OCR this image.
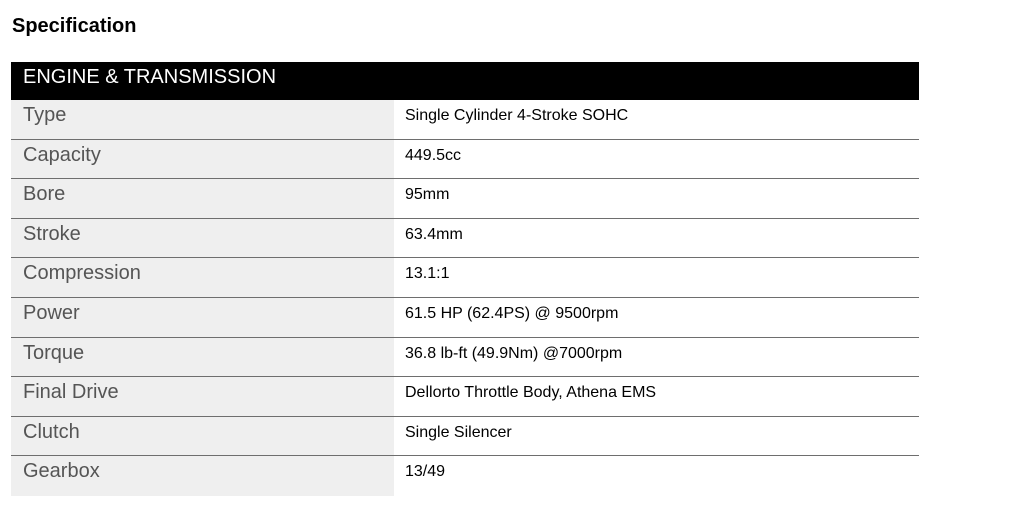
Specification
ENGINE & TRANSMISSION
Type	Single Cylinder 4-Stroke SOHC
Capacity	449.5cc
Bore	95mm
Stroke	63.4mm
Compression	13.1:1
Power	61.5 HP (62.4PS) @ 9500rpm
Torque	36.8 lb-ft (49.9Nm) @7000rpm
Final Drive	Dellorto Throttle Body, Athena EMS
Clutch	Single Silencer
Gearbox	13/49
